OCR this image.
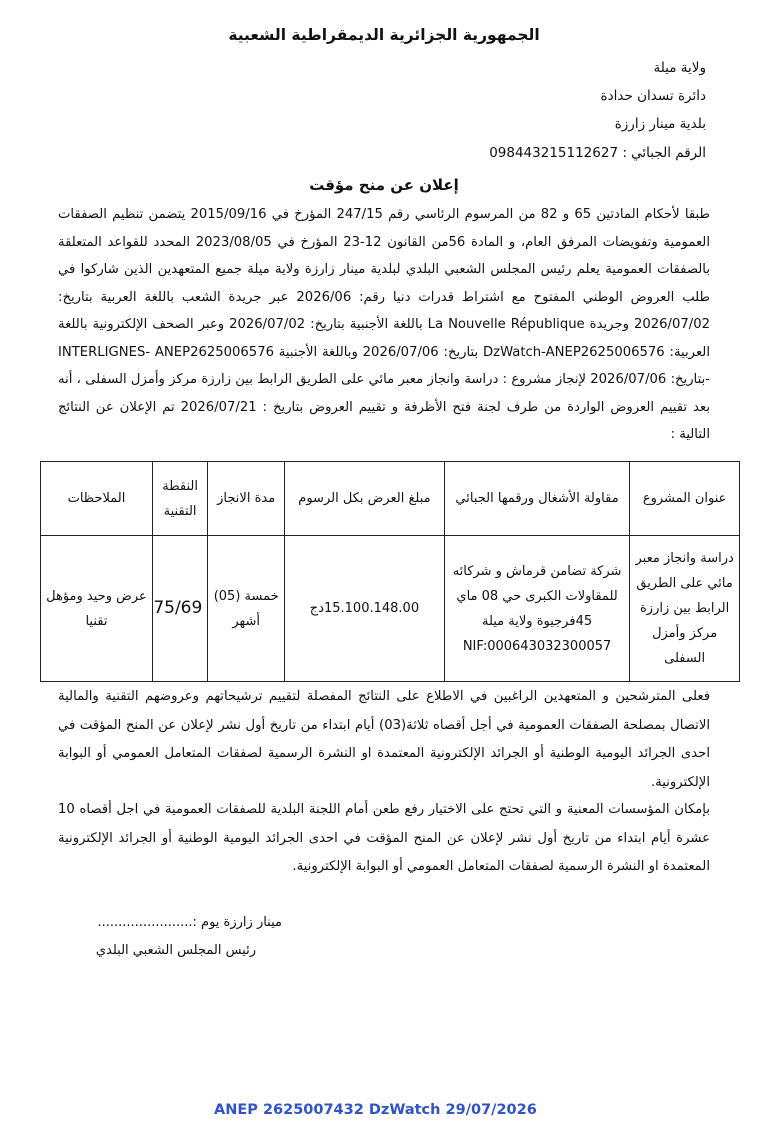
الجمهورية الجزائرية الديمقراطية الشعبية
ولاية ميلة
دائرة تسدان حدادة
بلدية مينار زارزة
الرقم الجبائي : 098443215112627
إعلان عن منح مؤقت
طبقا لأحكام المادتين 65 و 82 من المرسوم الرئاسي رقم 247/15 المؤرخ في 2015/09/16 يتضمن تنظيم الصفقات العمومية وتفويضات المرفق العام، و المادة 56من القانون 12-23 المؤرخ في 2023/08/05 المحدد للقواعد المتعلقة بالصفقات العمومية يعلم رئيس المجلس الشعبي البلدي لبلدية مينار زارزة ولاية ميلة جميع المتعهدين الذين شاركوا في طلب العروض الوطني المفتوح مع اشتراط قدرات دنيا رقم: 2026/06 عبر جريدة الشعب باللغة العربية بتاريخ: 2026/07/02 وجريدة La Nouvelle République باللغة الأجنبية بتاريخ: 2026/07/02 وعبر الصحف الإلكترونية باللغة العربية: DzWatch-ANEP2625006576 بتاريخ: 2026/07/06 وباللغة الأجنبية INTERLIGNES- ANEP2625006576 -بتاريخ: 2026/07/06 لإنجاز مشروع : دراسة وانجاز معبر مائي على الطريق الرابط بين زارزة مركز وأمزل السفلى ، أنه بعد تقييم العروض الواردة من طرف لجنة فتح الأظرفة و تقييم العروض بتاريخ : 2026/07/21 تم الإعلان عن النتائج التالية :
عنوان المشروع	مقاولة الأشغال ورقمها الجبائي	مبلغ العرض بكل الرسوم	مدة الانجاز	النقطة التقنية	الملاحظات
دراسة وانجاز معبر مائي على الطريق الرابط بين زارزة مركز وأمزل السفلى	شركة تضامن قرماش و شركائه للمقاولات الكبرى حي 08 ماي 45فرجيوة ولاية ميلة NIF:000643032300057	15.100.148.00دج	خمسة (05) أشهر	75/69	عرض وحيد ومؤهل تقنيا
فعلى المترشحين و المتعهدين الراغبين في الاطلاع على النتائج المفصلة لتقييم ترشيحاتهم وعروضهم التقنية والمالية الاتصال بمصلحة الصفقات العمومية في أجل أقصاه ثلاثة(03) أيام ابتداء من تاريخ أول نشر لإعلان عن المنح المؤقت في احدى الجرائد اليومية الوطنية أو الجرائد الإلكترونية المعتمدة او النشرة الرسمية لصفقات المتعامل العمومي أو البوابة الإلكترونية.
بإمكان المؤسسات المعنية و التي تحتج على الاختيار رفع طعن أمام اللجنة البلدية للصفقات العمومية في اجل أقصاه 10 عشرة أيام ابتداء من تاريخ أول نشر لإعلان عن المنح المؤقت في احدى الجرائد اليومية الوطنية أو الجرائد الإلكترونية المعتمدة او النشرة الرسمية لصفقات المتعامل العمومي أو البوابة الإلكترونية.
مينار زارزة يوم :.......................
رئيس المجلس الشعبي البلدي
ANEP 2625007432 DzWatch 29/07/2026
